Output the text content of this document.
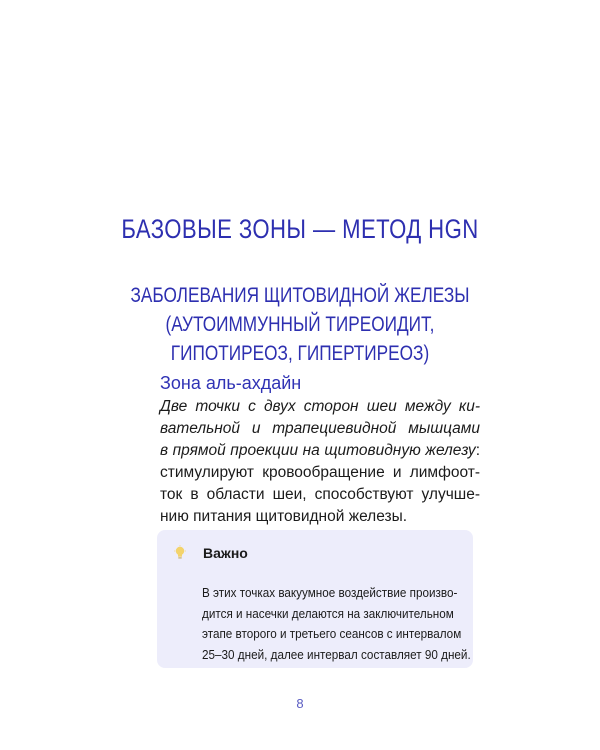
БАЗОВЫЕ ЗОНЫ — МЕТОД HGN
ЗАБОЛЕВАНИЯ ЩИТОВИДНОЙ ЖЕЛЕЗЫ
(АУТОИММУННЫЙ ТИРЕОИДИТ,
ГИПОТИРЕОЗ, ГИПЕРТИРЕОЗ)
Зона аль-ахдайн
Две точки с двух сторон шеи между ки-
вательной и трапециевидной мышцами
в прямой проекции на щитовидную железу:
стимулируют кровообращение и лимфоот-
ток в области шеи, способствуют улучше-
нию питания щитовидной железы.
Важно
В этих точках вакуумное воздействие произво-
дится и насечки делаются на заключительном
этапе второго и третьего сеансов с интервалом
25–30 дней, далее интервал составляет 90 дней.
8
